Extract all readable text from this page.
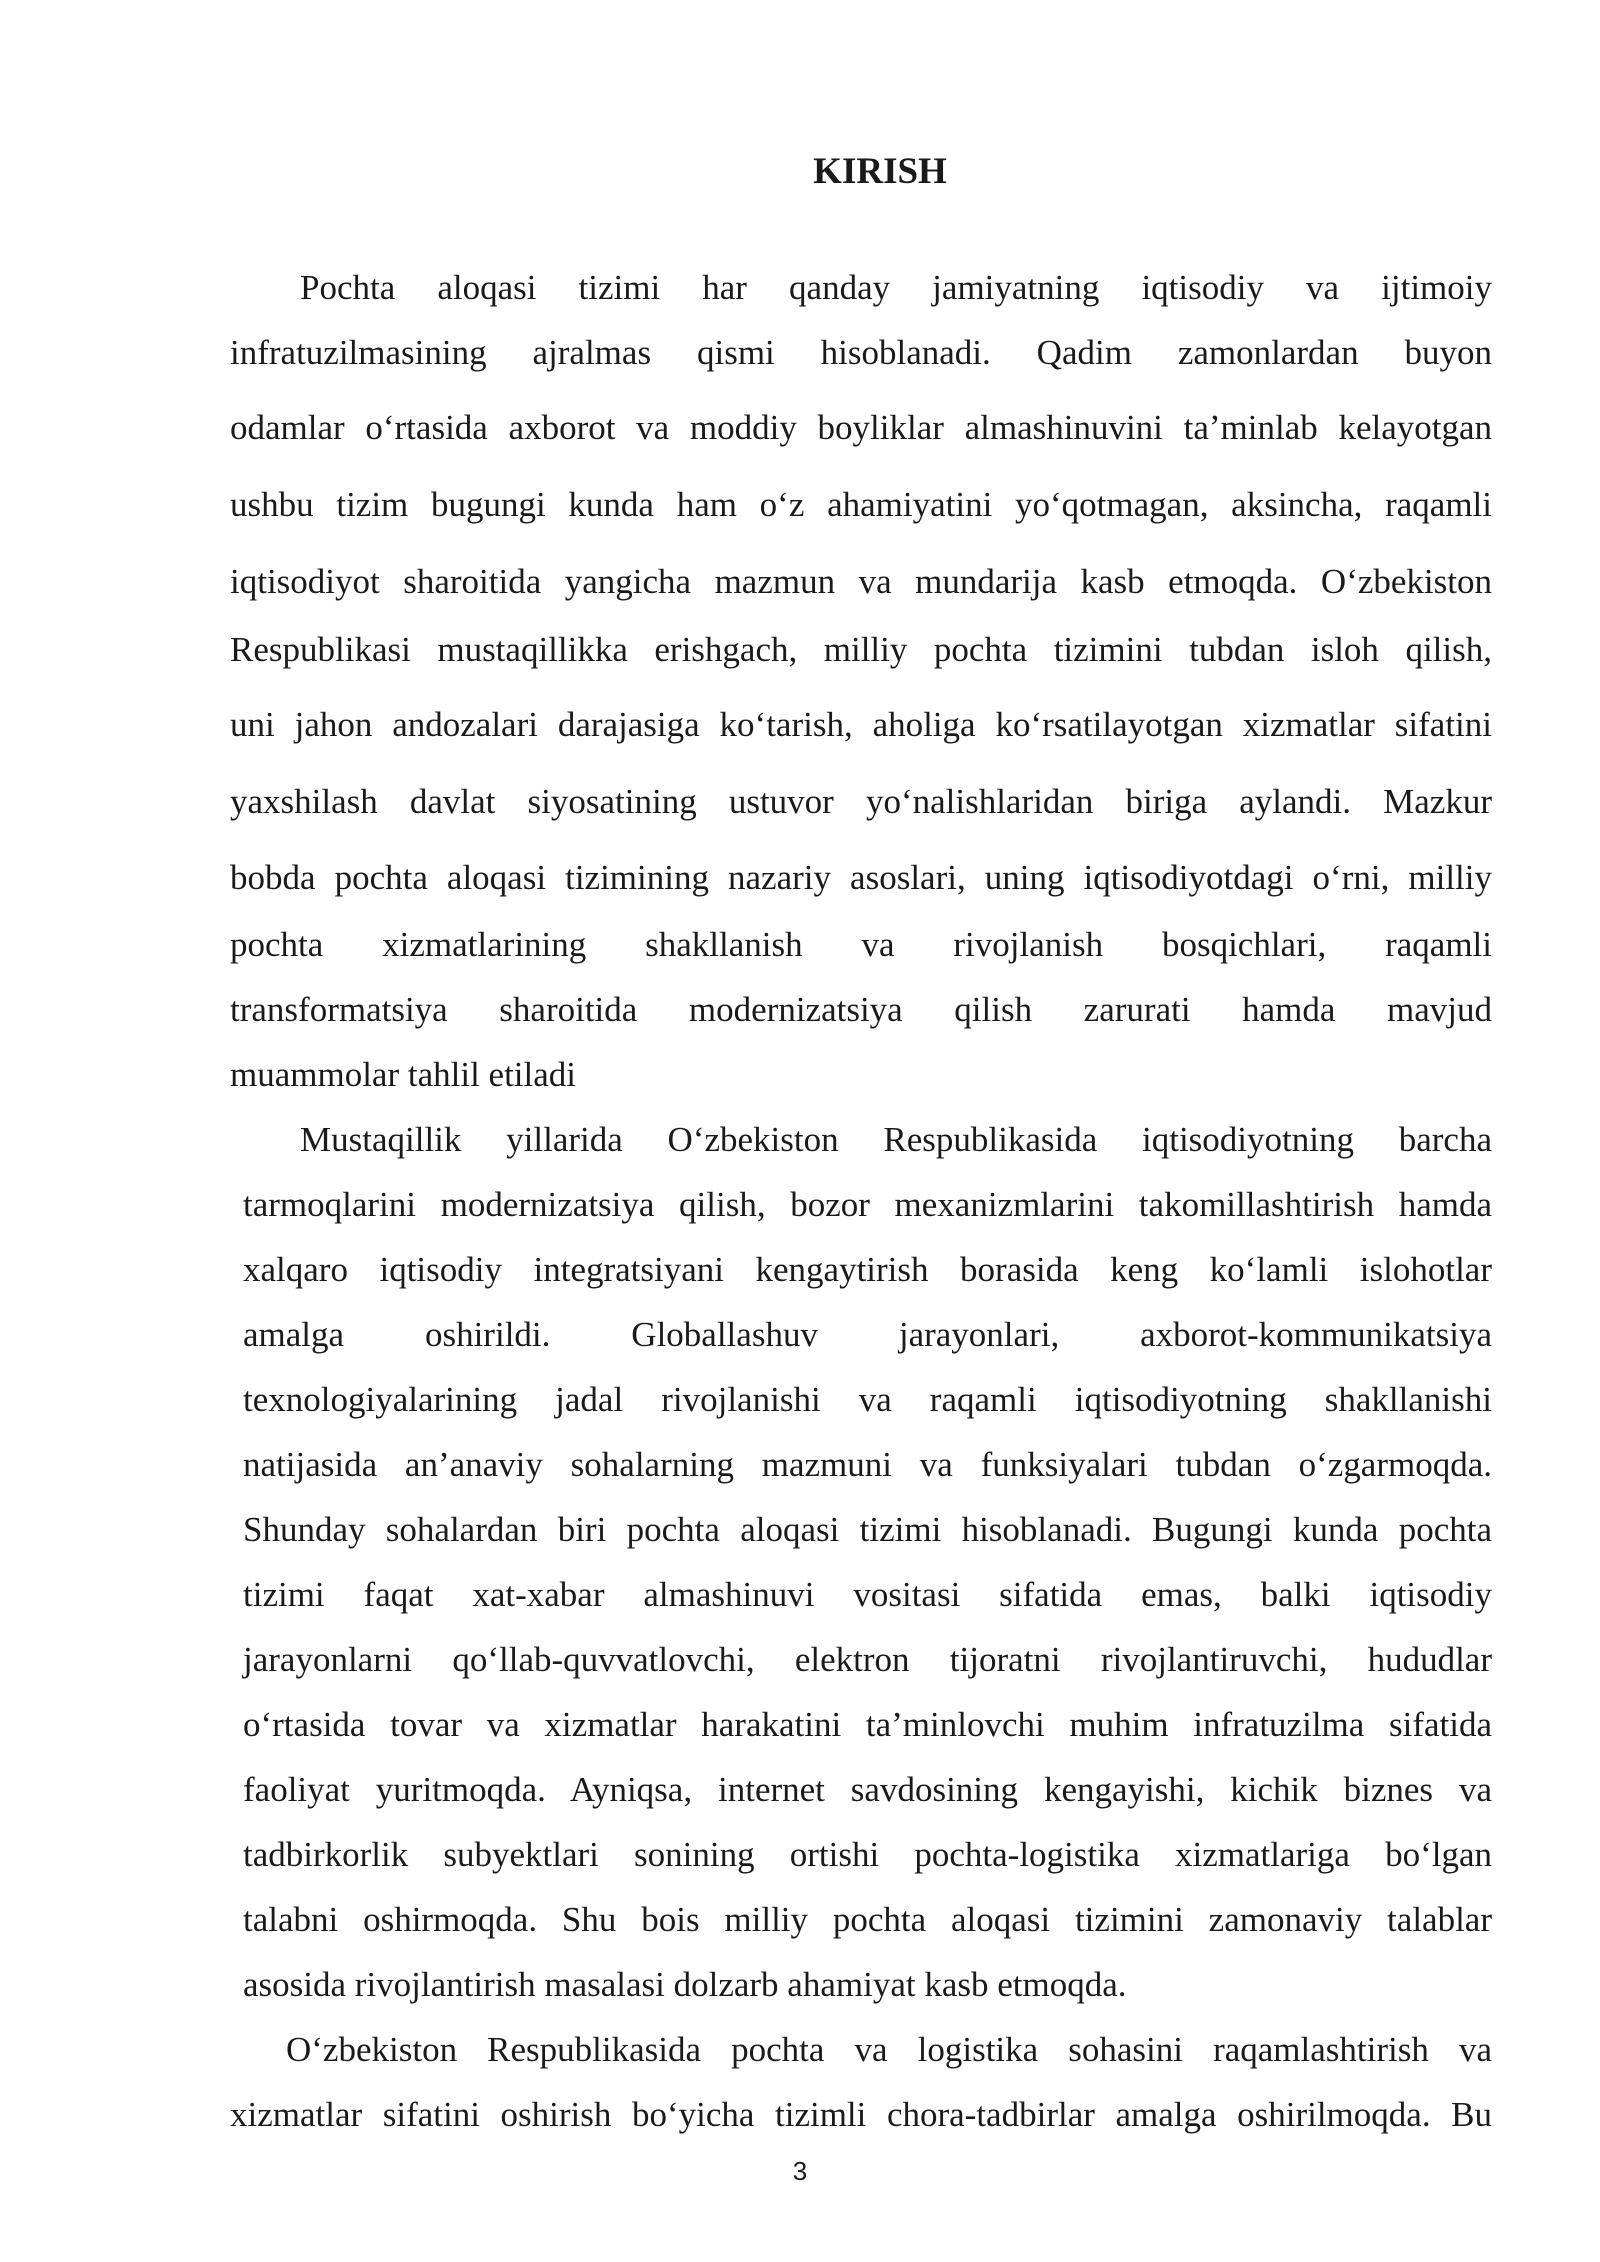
KIRISH

Pochta aloqasi tizimi har qanday jamiyatning iqtisodiy va ijtimoiy

infratuzilmasining ajralmas qismi hisoblanadi. Qadim zamonlardan buyon

odamlar oʻrtasida axborot va moddiy boyliklar almashinuvini taʼminlab kelayotgan

ushbu tizim bugungi kunda ham oʻz ahamiyatini yoʻqotmagan, aksincha, raqamli

iqtisodiyot sharoitida yangicha mazmun va mundarija kasb etmoqda. Oʻzbekiston

Respublikasi mustaqillikka erishgach, milliy pochta tizimini tubdan isloh qilish,

uni jahon andozalari darajasiga koʻtarish, aholiga koʻrsatilayotgan xizmatlar sifatini

yaxshilash davlat siyosatining ustuvor yoʻnalishlaridan biriga aylandi. Mazkur

bobda pochta aloqasi tizimining nazariy asoslari, uning iqtisodiyotdagi oʻrni, milliy

pochta xizmatlarining shakllanish va rivojlanish bosqichlari, raqamli

transformatsiya sharoitida modernizatsiya qilish zarurati hamda mavjud

muammolar tahlil etiladi

Mustaqillik yillarida O‘zbekiston Respublikasida iqtisodiyotning barcha

tarmoqlarini modernizatsiya qilish, bozor mexanizmlarini takomillashtirish hamda

xalqaro iqtisodiy integratsiyani kengaytirish borasida keng ko‘lamli islohotlar

amalga oshirildi. Globallashuv jarayonlari, axborot-kommunikatsiya

texnologiyalarining jadal rivojlanishi va raqamli iqtisodiyotning shakllanishi

natijasida an’anaviy sohalarning mazmuni va funksiyalari tubdan o‘zgarmoqda.

Shunday sohalardan biri pochta aloqasi tizimi hisoblanadi. Bugungi kunda pochta

tizimi faqat xat-xabar almashinuvi vositasi sifatida emas, balki iqtisodiy

jarayonlarni qo‘llab-quvvatlovchi, elektron tijoratni rivojlantiruvchi, hududlar

o‘rtasida tovar va xizmatlar harakatini ta’minlovchi muhim infratuzilma sifatida

faoliyat yuritmoqda. Ayniqsa, internet savdosining kengayishi, kichik biznes va

tadbirkorlik subyektlari sonining ortishi pochta-logistika xizmatlariga bo‘lgan

talabni oshirmoqda. Shu bois milliy pochta aloqasi tizimini zamonaviy talablar

asosida rivojlantirish masalasi dolzarb ahamiyat kasb etmoqda.

O‘zbekiston Respublikasida pochta va logistika sohasini raqamlashtirish va

xizmatlar sifatini oshirish bo‘yicha tizimli chora-tadbirlar amalga oshirilmoqda. Bu

3
